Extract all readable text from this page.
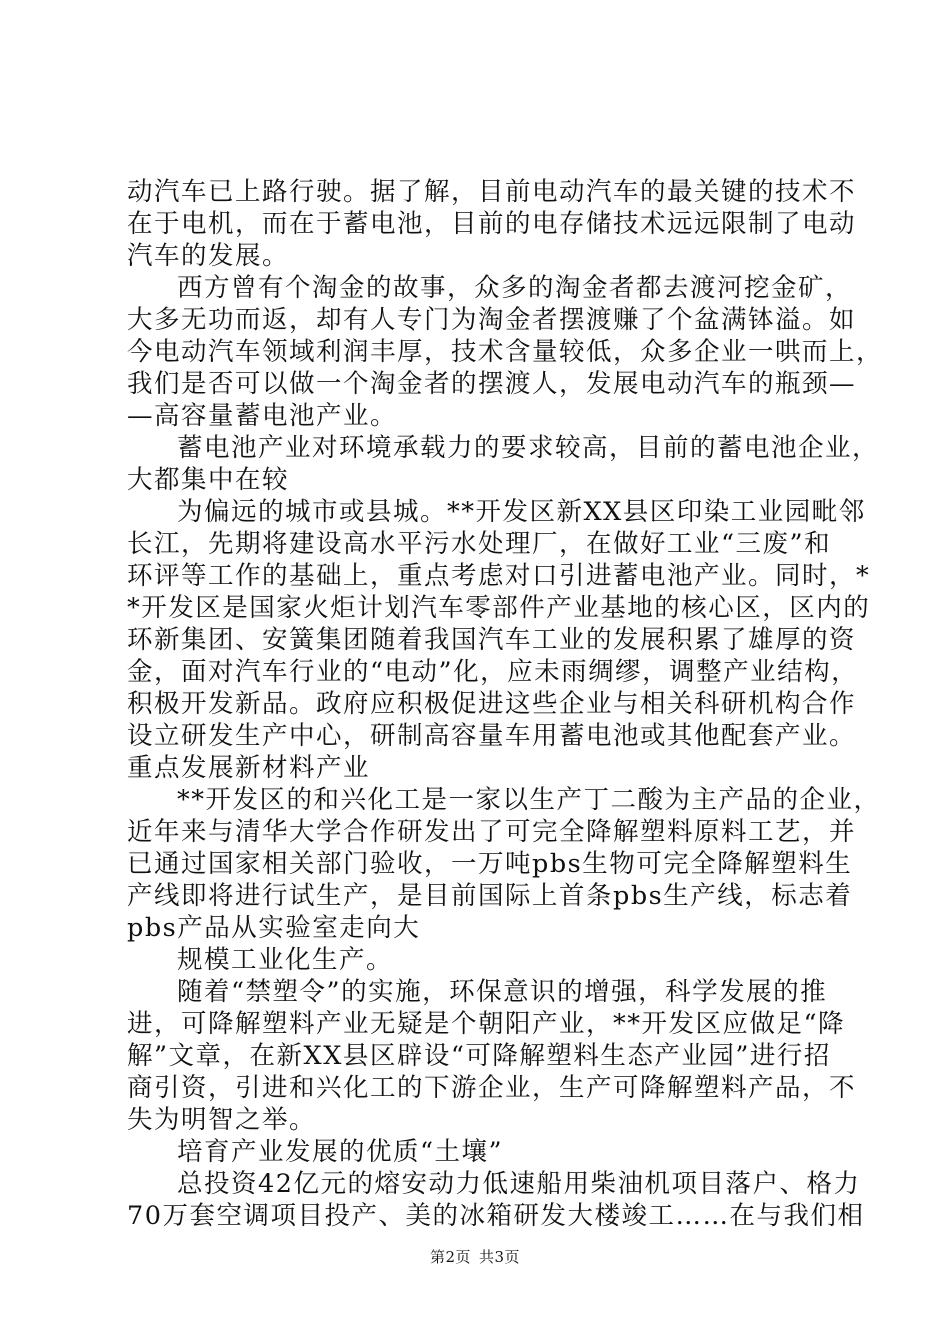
动汽车已上路行驶。据了解，目前电动汽车的最关键的技术不
在于电机，而在于蓄电池，目前的电存储技术远远限制了电动
汽车的发展。
西方曾有个淘金的故事，众多的淘金者都去渡河挖金矿，
大多无功而返，却有人专门为淘金者摆渡赚了个盆满钵溢。如
今电动汽车领域利润丰厚，技术含量较低，众多企业一哄而上，
我们是否可以做一个淘金者的摆渡人，发展电动汽车的瓶颈—
—高容量蓄电池产业。
蓄电池产业对环境承载力的要求较高，目前的蓄电池企业，
大都集中在较
为偏远的城市或县城。**开发区新XX县区印染工业园毗邻
长江，先期将建设高水平污水处理厂，在做好工业“三废”和
环评等工作的基础上，重点考虑对口引进蓄电池产业。同时，*
*开发区是国家火炬计划汽车零部件产业基地的核心区，区内的
环新集团、安簧集团随着我国汽车工业的发展积累了雄厚的资
金，面对汽车行业的“电动”化，应未雨绸缪，调整产业结构，
积极开发新品。政府应积极促进这些企业与相关科研机构合作
设立研发生产中心，研制高容量车用蓄电池或其他配套产业。
重点发展新材料产业
**开发区的和兴化工是一家以生产丁二酸为主产品的企业，
近年来与清华大学合作研发出了可完全降解塑料原料工艺，并
已通过国家相关部门验收，一万吨pbs生物可完全降解塑料生
产线即将进行试生产，是目前国际上首条pbs生产线，标志着
pbs产品从实验室走向大
规模工业化生产。
随着“禁塑令”的实施，环保意识的增强，科学发展的推
进，可降解塑料产业无疑是个朝阳产业，**开发区应做足“降
解”文章，在新XX县区辟设“可降解塑料生态产业园”进行招
商引资，引进和兴化工的下游企业，生产可降解塑料产品，不
失为明智之举。
培育产业发展的优质“土壤”
总投资42亿元的熔安动力低速船用柴油机项目落户、格力
70万套空调项目投产、美的冰箱研发大楼竣工……在与我们相
第2页 共3页
